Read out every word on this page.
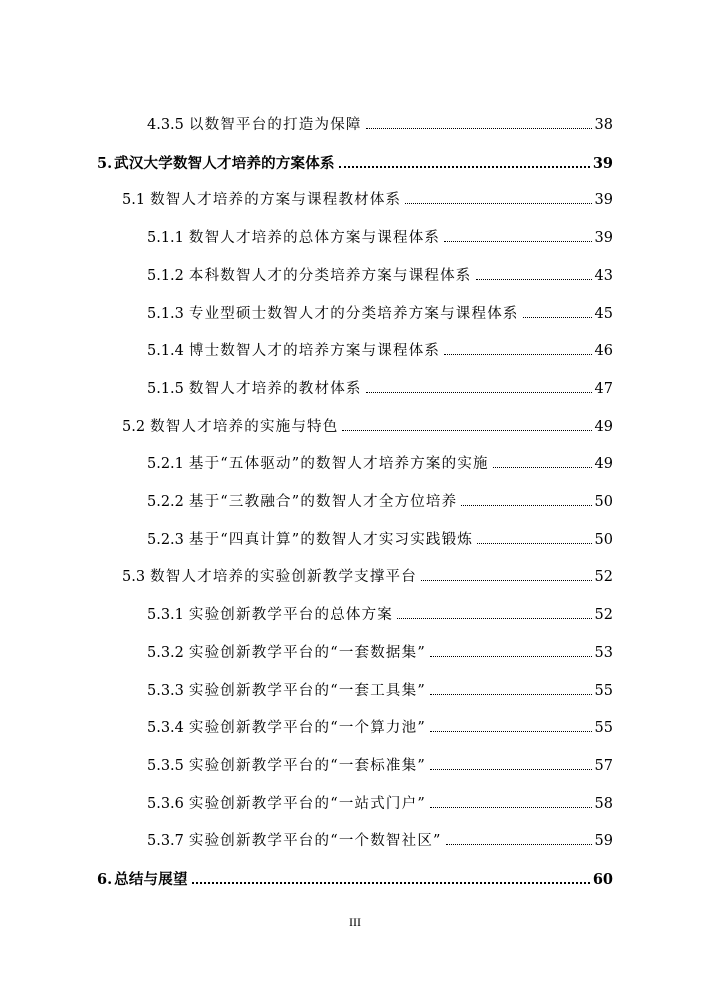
4.3.5 以数智平台的打造为保障	38
5. 武汉大学数智人才培养的方案体系	39
5.1 数智人才培养的方案与课程教材体系	39
5.1.1 数智人才培养的总体方案与课程体系	39
5.1.2 本科数智人才的分类培养方案与课程体系	43
5.1.3 专业型硕士数智人才的分类培养方案与课程体系	45
5.1.4 博士数智人才的培养方案与课程体系	46
5.1.5 数智人才培养的教材体系	47
5.2 数智人才培养的实施与特色	49
5.2.1 基于“五体驱动”的数智人才培养方案的实施	49
5.2.2 基于“三教融合”的数智人才全方位培养	50
5.2.3 基于“四真计算”的数智人才实习实践锻炼	50
5.3 数智人才培养的实验创新教学支撑平台	52
5.3.1 实验创新教学平台的总体方案	52
5.3.2 实验创新教学平台的“一套数据集”	53
5.3.3 实验创新教学平台的“一套工具集”	55
5.3.4 实验创新教学平台的“一个算力池”	55
5.3.5 实验创新教学平台的“一套标准集”	57
5.3.6 实验创新教学平台的“一站式门户”	58
5.3.7 实验创新教学平台的“一个数智社区”	59
6. 总结与展望	60
III
